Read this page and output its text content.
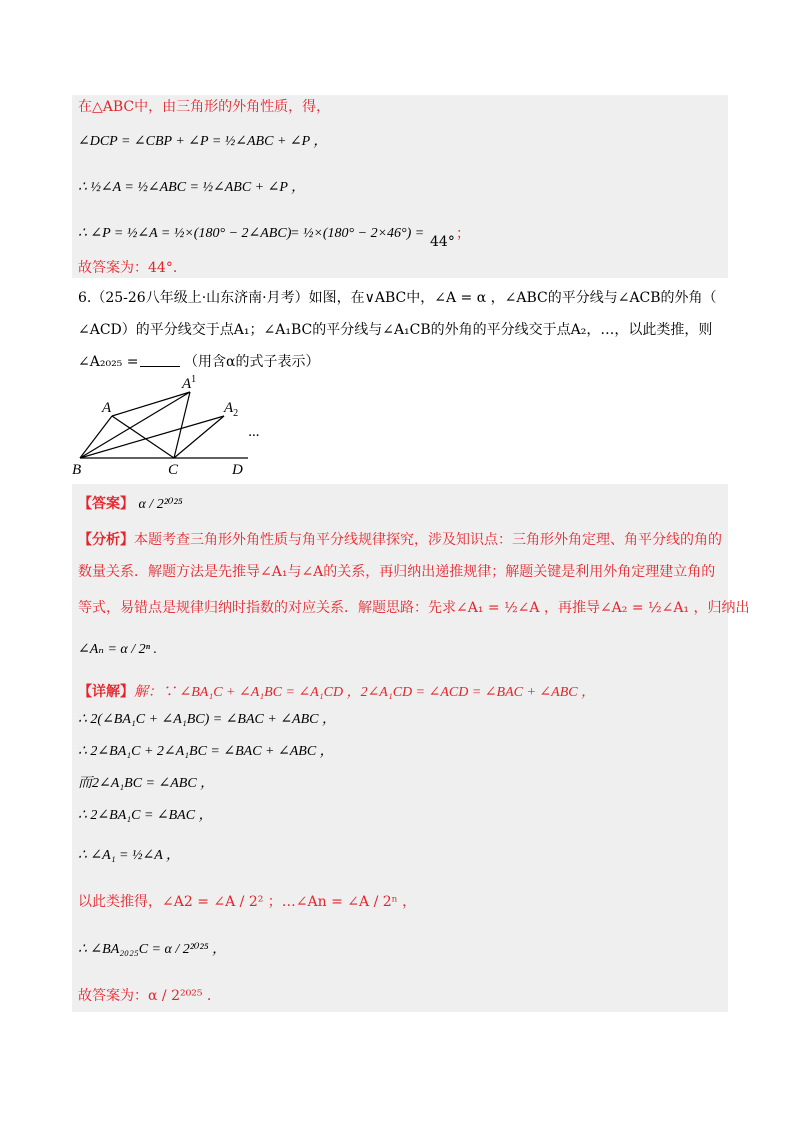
在△ABC中，由三角形的外角性质，得，
∠DCP = ∠CBP + ∠P = ½∠ABC + ∠P ，
∴ ½∠A = ½∠ABC = ½∠ABC + ∠P ，
∴ ∠P = ½∠A = ½×(180° − 2∠ABC)
= ½×(180° − 2×46°) =
44° ；
故答案为：44°.
6.（25-26八年级上·山东济南·月考）如图，在∨ABC中，∠A = α ，∠ABC的平分线与∠ACB的外角（
∠ACD）的平分线交于点A₁；∠A₁BC的平分线与∠A₁CB的外角的平分线交于点A₂，…，以此类推，则
∠A₂₀₂₅ =	（用含α的式子表示）
A
$A^1$
$A_2$
B	C	D
···
【答案】 α / 2²⁰²⁵
【分析】本题考查三角形外角性质与角平分线规律探究，涉及知识点：三角形外角定理、角平分线的角的
数量关系．解题方法是先推导∠A₁与∠A的关系，再归纳出递推规律；解题关键是利用外角定理建立角的
等式，易错点是规律归纳时指数的对应关系．解题思路：先求∠A₁ = ½∠A ，再推导∠A₂ = ½∠A₁ ，归纳出
∠Aₙ = α / 2ⁿ .
【详解】解：∵ ∠BA₁C + ∠A₁BC = ∠A₁CD ，2∠A₁CD = ∠ACD = ∠BAC + ∠ABC ，
∴ 2(∠BA₁C + ∠A₁BC) = ∠BAC + ∠ABC ，
∴ 2∠BA₁C + 2∠A₁BC = ∠BAC + ∠ABC ，
而2∠A₁BC = ∠ABC ，
∴ 2∠BA₁C = ∠BAC ，
∴ ∠A₁ = ½∠A ，
以此类推得，∠A2 = ∠A / 2² ；…∠An = ∠A / 2ⁿ ，
∴ ∠BA₂₀₂₅C = α / 2²⁰²⁵ ，
故答案为：α / 2²⁰²⁵ .
